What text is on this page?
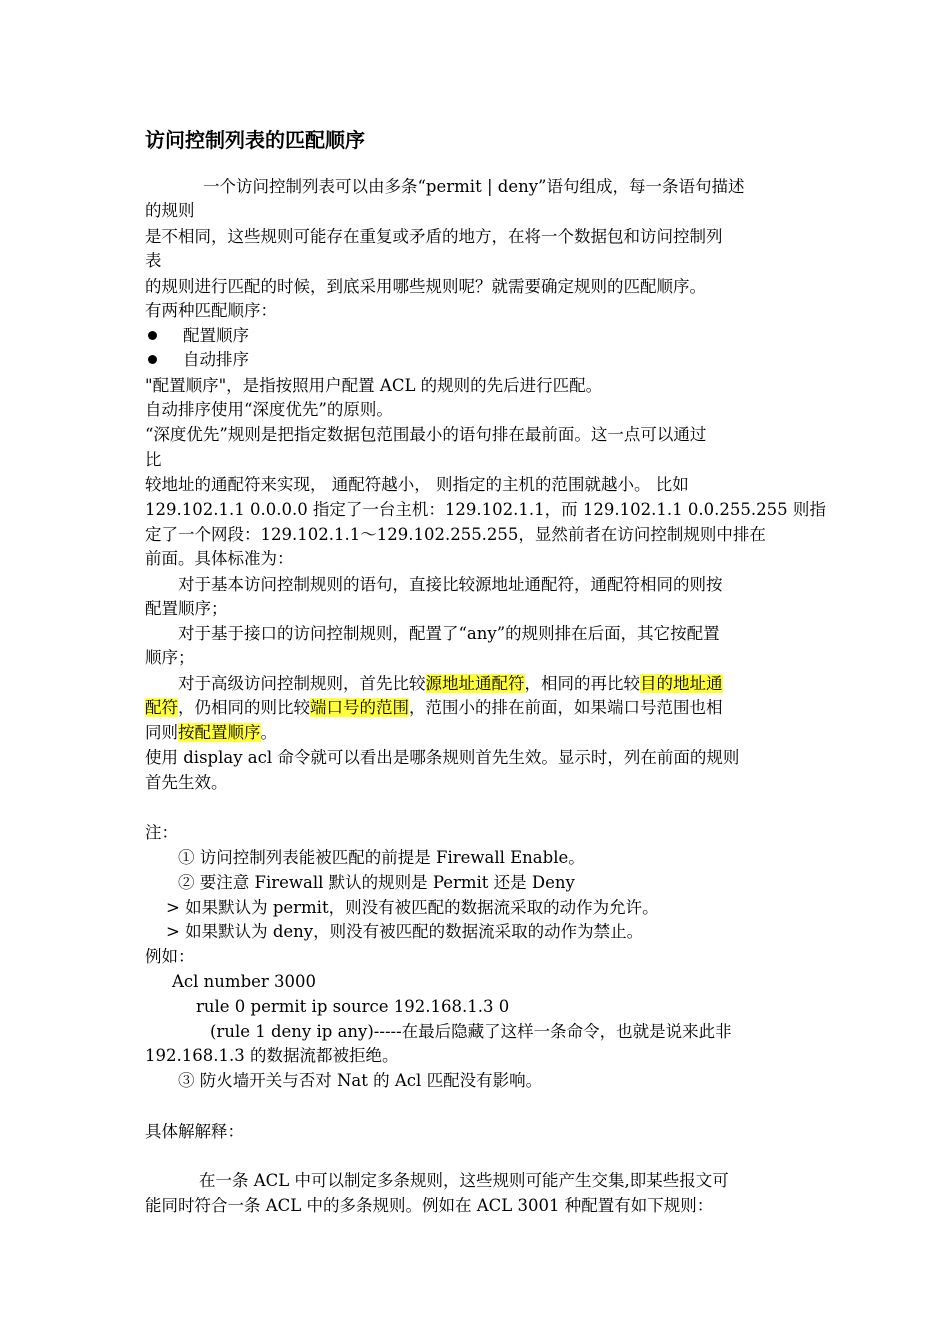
访问控制列表的匹配顺序
一个访问控制列表可以由多条“permit | deny”语句组成，每一条语句描述
的规则
是不相同，这些规则可能存在重复或矛盾的地方，在将一个数据包和访问控制列
表
的规则进行匹配的时候，到底采用哪些规则呢？就需要确定规则的匹配顺序。
有两种匹配顺序：
配置顺序
自动排序
"配置顺序"，是指按照用户配置 ACL 的规则的先后进行匹配。
自动排序使用“深度优先”的原则。
“深度优先”规则是把指定数据包范围最小的语句排在最前面。这一点可以通过
比
较地址的通配符来实现， 通配符越小， 则指定的主机的范围就越小。 比如
129.102.1.1 0.0.0.0 指定了一台主机：129.102.1.1，而 129.102.1.1 0.0.255.255 则指
定了一个网段：129.102.1.1～129.102.255.255，显然前者在访问控制规则中排在
前面。具体标准为：
对于基本访问控制规则的语句，直接比较源地址通配符，通配符相同的则按
配置顺序；
对于基于接口的访问控制规则，配置了“any”的规则排在后面，其它按配置
顺序；
对于高级访问控制规则，首先比较源地址通配符，相同的再比较目的地址通
配符，仍相同的则比较端口号的范围，范围小的排在前面，如果端口号范围也相
同则按配置顺序。
使用 display acl 命令就可以看出是哪条规则首先生效。显示时，列在前面的规则
首先生效。
注：
① 访问控制列表能被匹配的前提是 Firewall Enable。
② 要注意 Firewall 默认的规则是 Permit 还是 Deny
> 如果默认为 permit，则没有被匹配的数据流采取的动作为允许。
> 如果默认为 deny，则没有被匹配的数据流采取的动作为禁止。
例如：
Acl number 3000
rule 0 permit ip source 192.168.1.3 0
(rule 1 deny ip any)-----在最后隐藏了这样一条命令，也就是说来此非
192.168.1.3 的数据流都被拒绝。
③ 防火墙开关与否对 Nat 的 Acl 匹配没有影响。
具体解解释：
在一条 ACL 中可以制定多条规则，这些规则可能产生交集,即某些报文可
能同时符合一条 ACL 中的多条规则。例如在 ACL 3001 种配置有如下规则：
